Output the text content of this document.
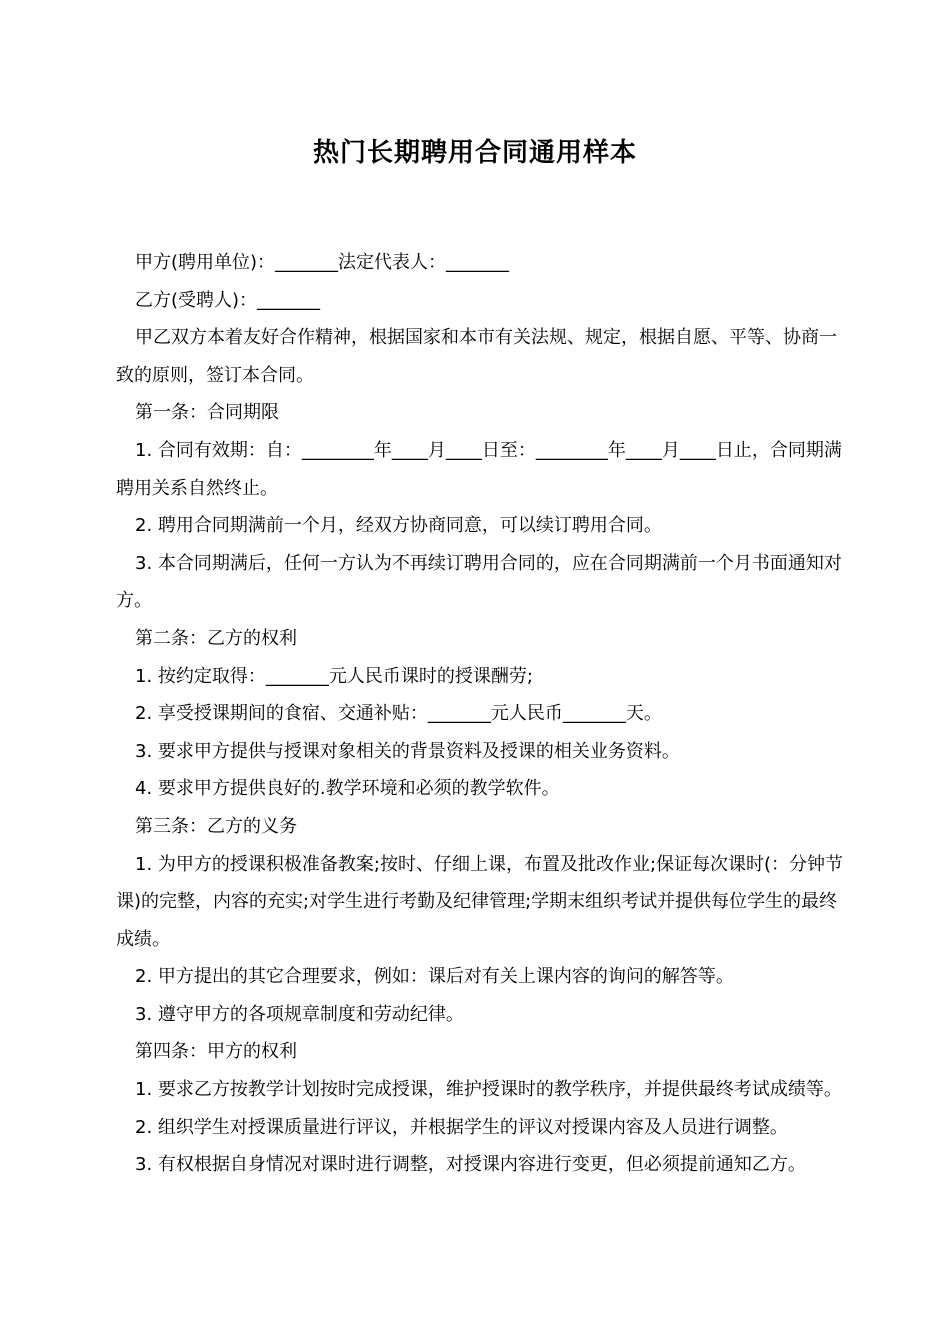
热门长期聘用合同通用样本

甲方(聘用单位)：_______法定代表人：_______

乙方(受聘人)：_______

甲乙双方本着友好合作精神，根据国家和本市有关法规、规定，根据自愿、平等、协商一致的原则，签订本合同。

第一条：合同期限

1. 合同有效期：自：________年____月____日至：________年____月____日止，合同期满聘用关系自然终止。

2. 聘用合同期满前一个月，经双方协商同意，可以续订聘用合同。

3. 本合同期满后，任何一方认为不再续订聘用合同的，应在合同期满前一个月书面通知对方。

第二条：乙方的权利

1. 按约定取得：_______元人民币课时的授课酬劳;

2. 享受授课期间的食宿、交通补贴：_______元人民币_______天。

3. 要求甲方提供与授课对象相关的背景资料及授课的相关业务资料。

4. 要求甲方提供良好的.教学环境和必须的教学软件。

第三条：乙方的义务

1. 为甲方的授课积极准备教案;按时、仔细上课，布置及批改作业;保证每次课时(：分钟节课)的完整，内容的充实;对学生进行考勤及纪律管理;学期末组织考试并提供每位学生的最终成绩。

2. 甲方提出的其它合理要求，例如：课后对有关上课内容的询问的解答等。

3. 遵守甲方的各项规章制度和劳动纪律。

第四条：甲方的权利

1. 要求乙方按教学计划按时完成授课，维护授课时的教学秩序，并提供最终考试成绩等。

2. 组织学生对授课质量进行评议，并根据学生的评议对授课内容及人员进行调整。

3. 有权根据自身情况对课时进行调整，对授课内容进行变更，但必须提前通知乙方。
